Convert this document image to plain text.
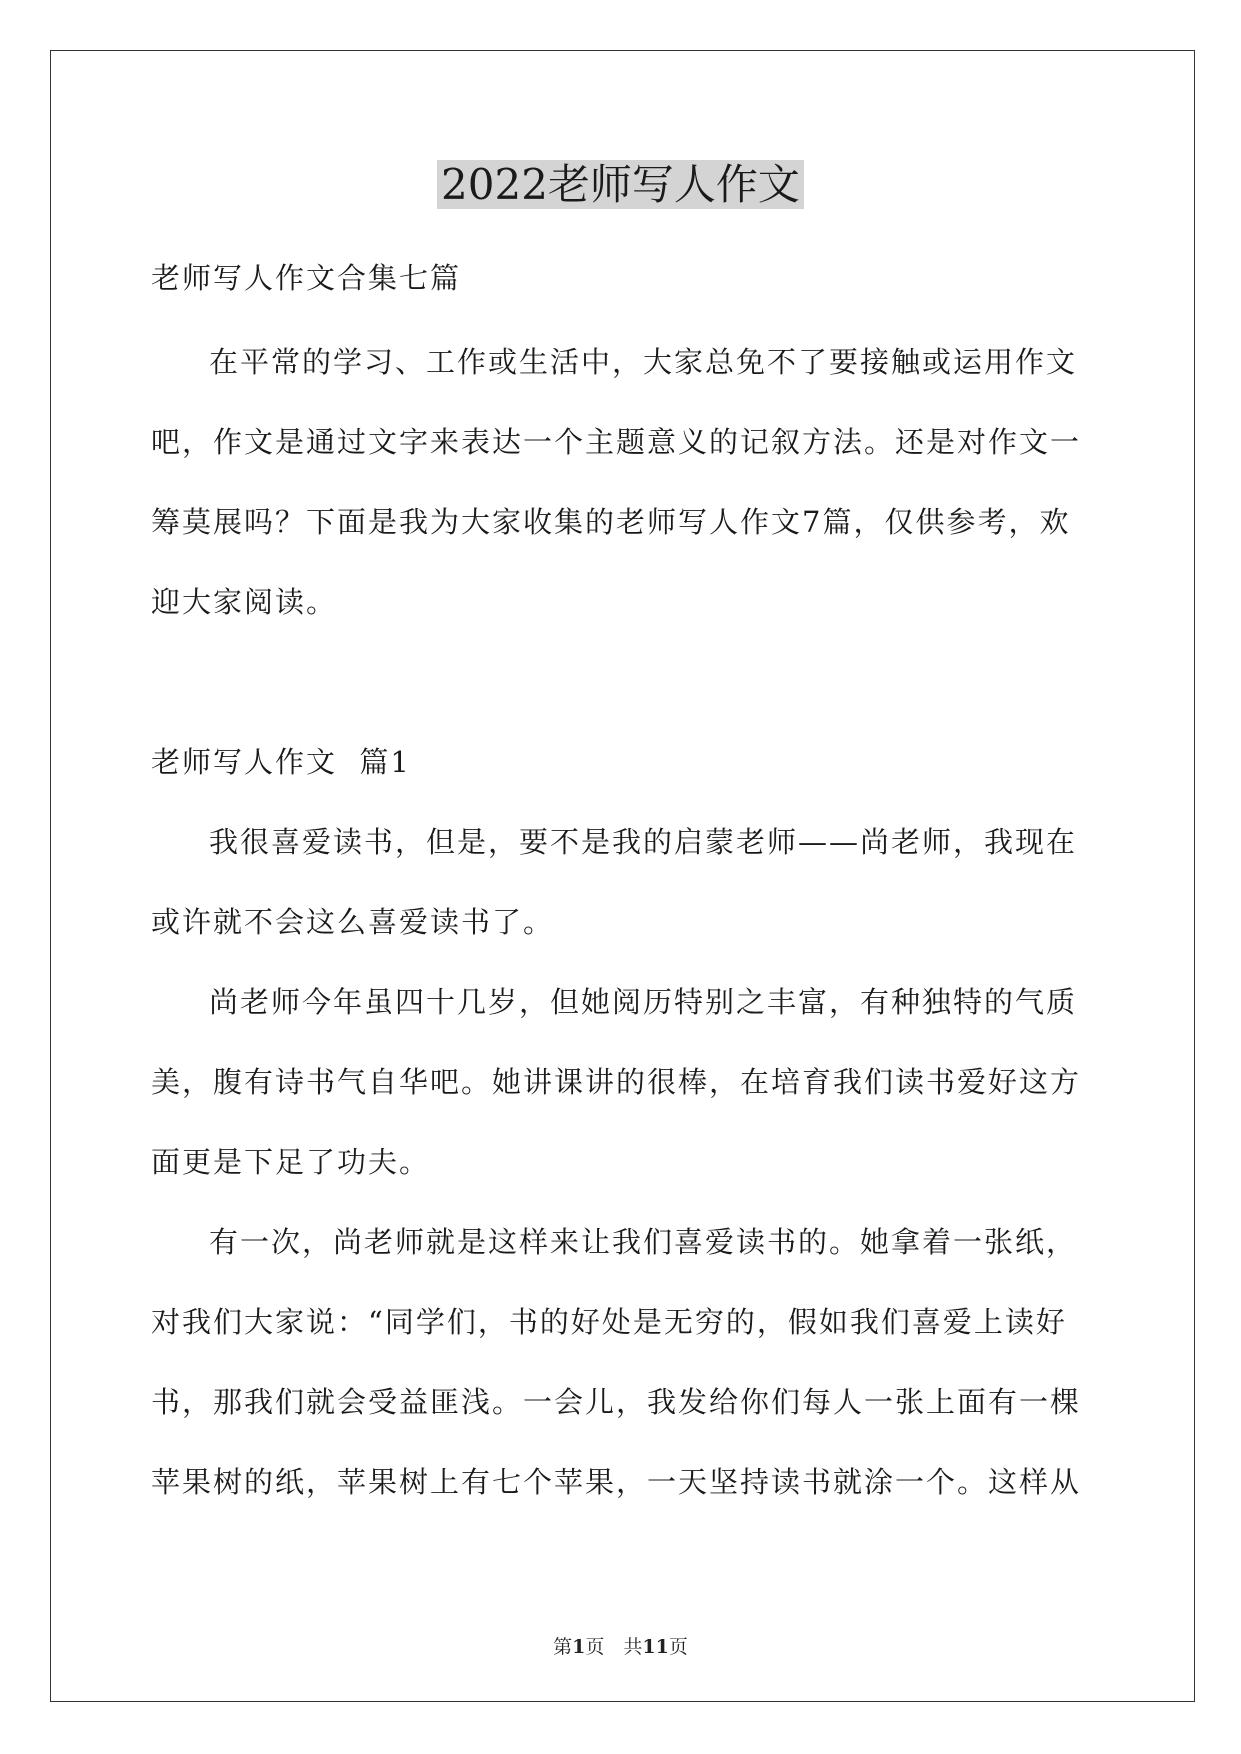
2022老师写人作文

老师写人作文合集七篇

在平常的学习、工作或生活中，大家总免不了要接触或运用作文吧，作文是通过文字来表达一个主题意义的记叙方法。还是对作文一筹莫展吗？下面是我为大家收集的老师写人作文7篇，仅供参考，欢迎大家阅读。

老师写人作文  篇1

我很喜爱读书，但是，要不是我的启蒙老师——尚老师，我现在或许就不会这么喜爱读书了。

尚老师今年虽四十几岁，但她阅历特别之丰富，有种独特的气质美，腹有诗书气自华吧。她讲课讲的很棒，在培育我们读书爱好这方面更是下足了功夫。

有一次，尚老师就是这样来让我们喜爱读书的。她拿着一张纸，对我们大家说：“同学们，书的好处是无穷的，假如我们喜爱上读好书，那我们就会受益匪浅。一会儿，我发给你们每人一张上面有一棵苹果树的纸，苹果树上有七个苹果，一天坚持读书就涂一个。这样从

第1页　共11页
